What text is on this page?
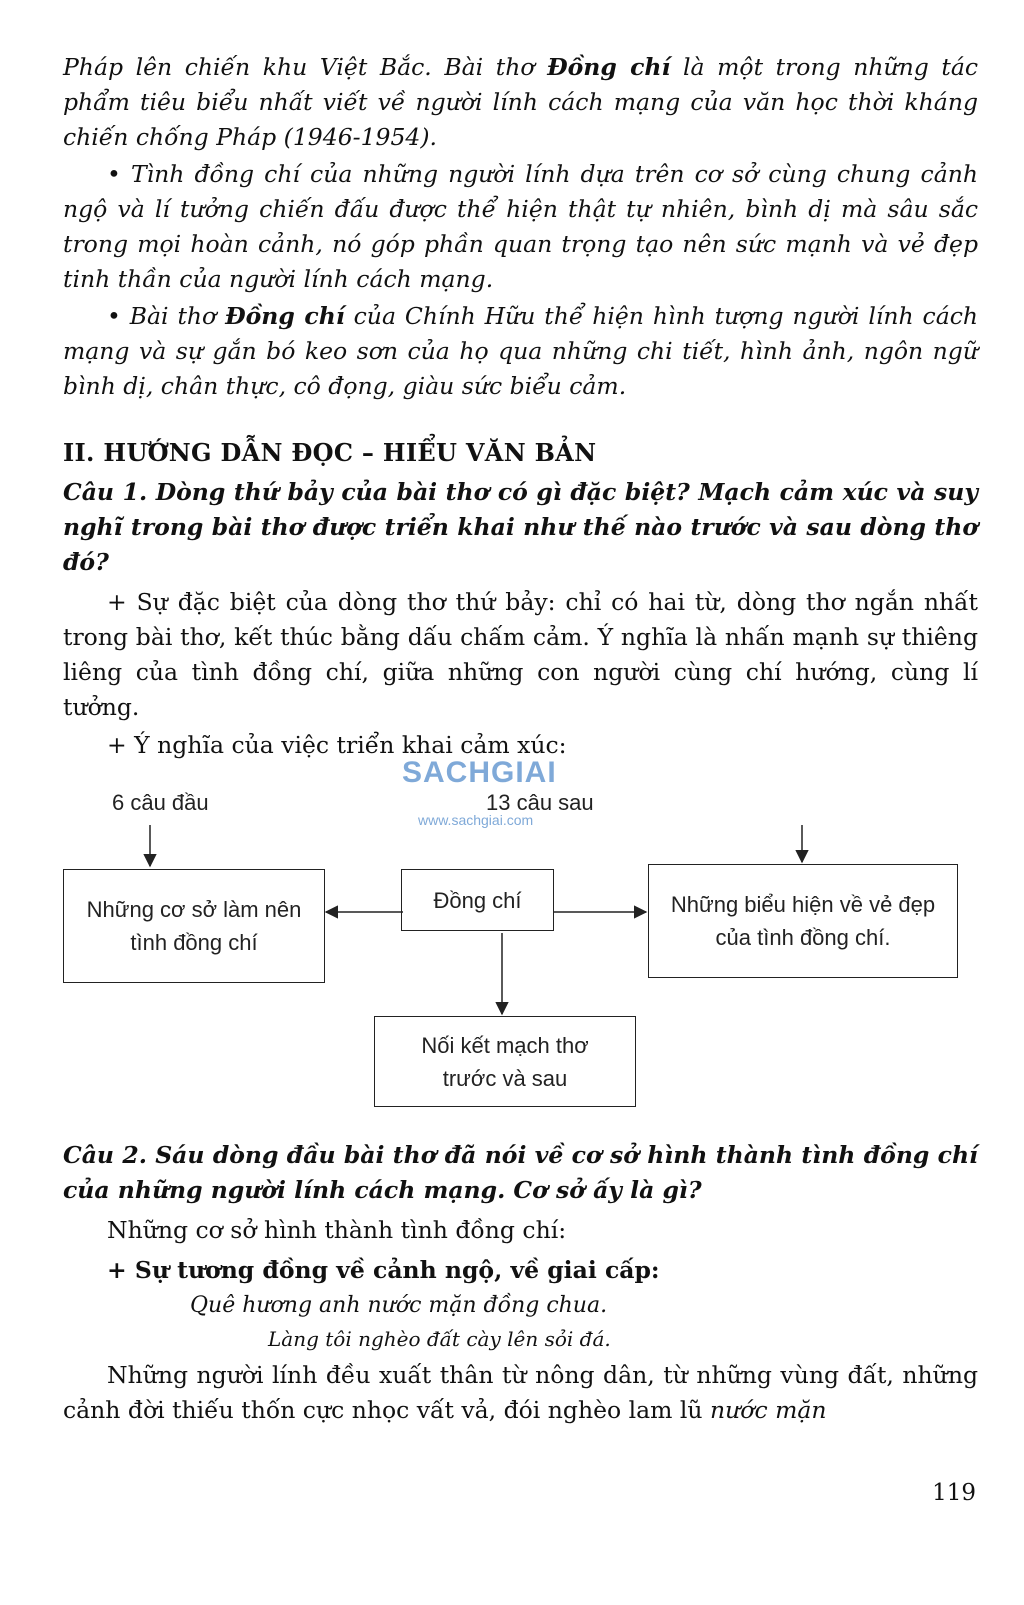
Pháp lên chiến khu Việt Bắc. Bài thơ Đồng chí là một trong những tác phẩm tiêu biểu nhất viết về người lính cách mạng của văn học thời kháng chiến chống Pháp (1946-1954).

• Tình đồng chí của những người lính dựa trên cơ sở cùng chung cảnh ngộ và lí tưởng chiến đấu được thể hiện thật tự nhiên, bình dị mà sâu sắc trong mọi hoàn cảnh, nó góp phần quan trọng tạo nên sức mạnh và vẻ đẹp tinh thần của người lính cách mạng.

• Bài thơ Đồng chí của Chính Hữu thể hiện hình tượng người lính cách mạng và sự gắn bó keo sơn của họ qua những chi tiết, hình ảnh, ngôn ngữ bình dị, chân thực, cô đọng, giàu sức biểu cảm.

II. HƯỚNG DẪN ĐỌC – HIỂU VĂN BẢN

Câu 1. Dòng thứ bảy của bài thơ có gì đặc biệt? Mạch cảm xúc và suy nghĩ trong bài thơ được triển khai như thế nào trước và sau dòng thơ đó?

+ Sự đặc biệt của dòng thơ thứ bảy: chỉ có hai từ, dòng thơ ngắn nhất trong bài thơ, kết thúc bằng dấu chấm cảm. Ý nghĩa là nhấn mạnh sự thiêng liêng của tình đồng chí, giữa những con người cùng chí hướng, cùng lí tưởng.

+ Ý nghĩa của việc triển khai cảm xúc:

SACHGIAI
www.sachgiai.com
6 câu đầu	13 câu sau
Những cơ sở làm nên tình đồng chí
Đồng chí	Những biểu hiện về vẻ đẹp của tình đồng chí.
Nối kết mạch thơ trước và sau

Câu 2. Sáu dòng đầu bài thơ đã nói về cơ sở hình thành tình đồng chí của những người lính cách mạng. Cơ sở ấy là gì?

Những cơ sở hình thành tình đồng chí:

+ Sự tương đồng về cảnh ngộ, về giai cấp:

Quê hương anh nước mặn đồng chua.
Làng tôi nghèo đất cày lên sỏi đá.

Những người lính đều xuất thân từ nông dân, từ những vùng đất, những cảnh đời thiếu thốn cực nhọc vất vả, đói nghèo lam lũ nước mặn

119
